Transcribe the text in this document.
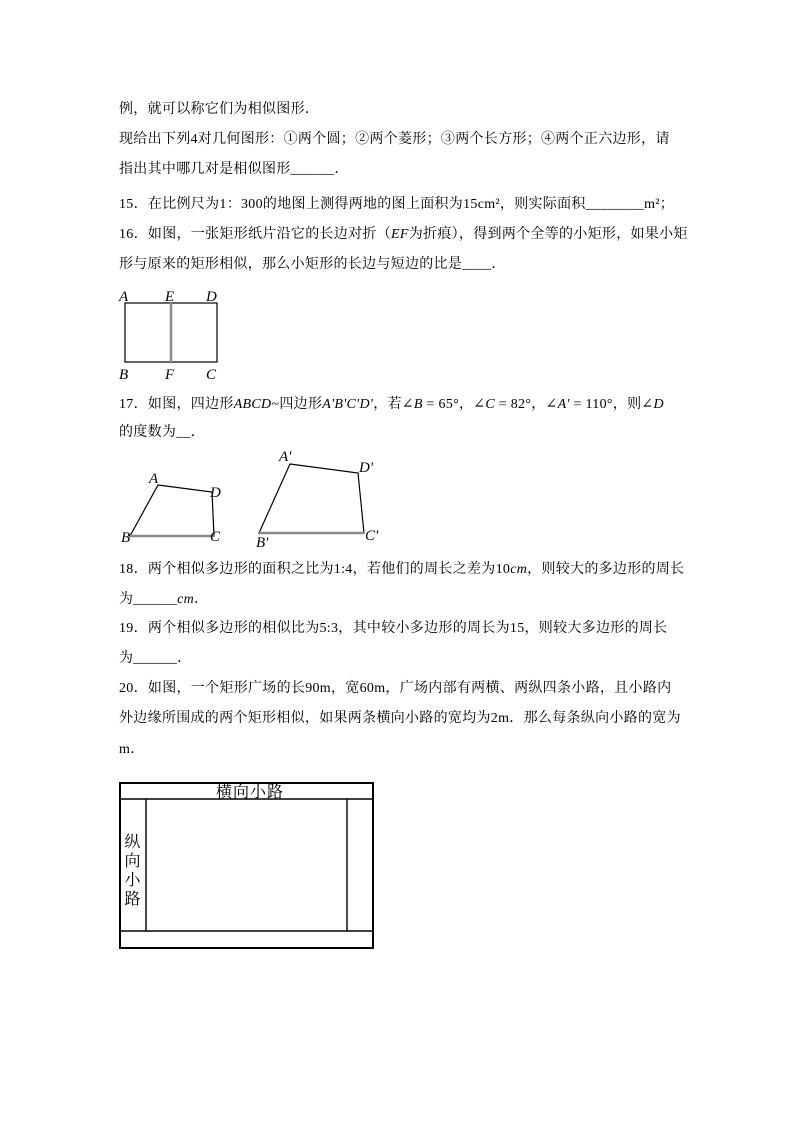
例，就可以称它们为相似图形．
现给出下列4对几何图形：①两个圆；②两个菱形；③两个长方形；④两个正六边形，请
指出其中哪几对是相似图形______．
15．在比例尺为1：300的地图上测得两地的图上面积为15cm²，则实际面积________m²；
16．如图，一张矩形纸片沿它的长边对折（EF为折痕），得到两个全等的小矩形，如果小矩
形与原来的矩形相似，那么小矩形的长边与短边的比是____．
A E D
B F C
17．如图，四边形ABCD~四边形A'B'C'D'，若∠B = 65°，∠C = 82°，∠A' = 110°，则∠D
的度数为__．
A
D
B	C
A'
D'
B'	C'
18．两个相似多边形的面积之比为1:4，若他们的周长之差为10cm，则较大的多边形的周长
为______cm．
19．两个相似多边形的相似比为5:3，其中较小多边形的周长为15，则较大多边形的周长
为______．
20．如图，一个矩形广场的长90m，宽60m，广场内部有两横、两纵四条小路，且小路内
外边缘所围成的两个矩形相似，如果两条横向小路的宽均为2m．那么每条纵向小路的宽为
m．
横向小路
纵
向
小
路
